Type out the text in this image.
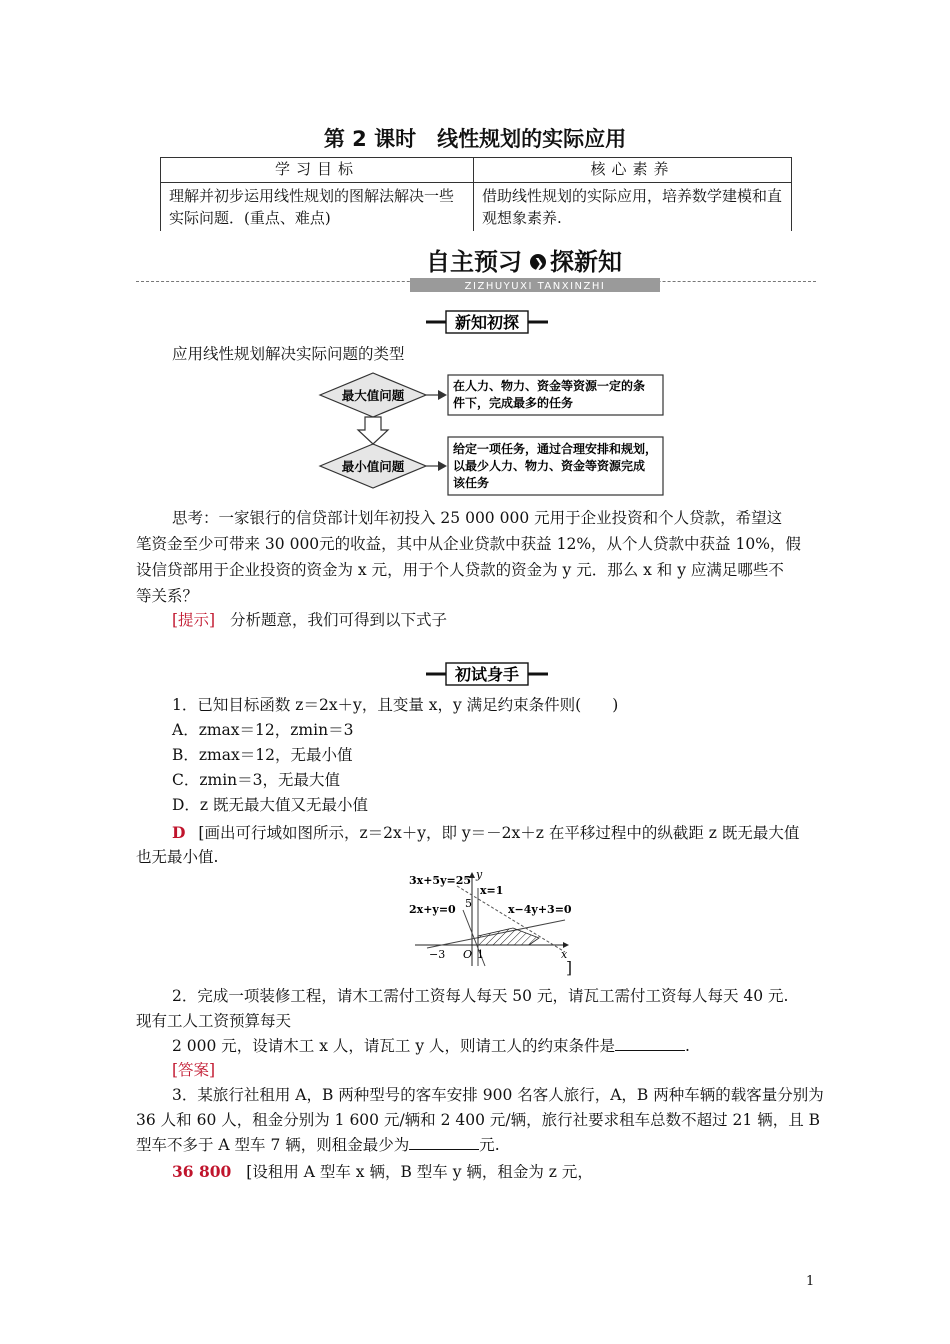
第 2 课时　线性规划的实际应用
学习目标	核心素养
理解并初步运用线性规划的图解法解决一些实际问题．(重点、难点)	借助线性规划的实际应用，培养数学建模和直观想象素养.
自主预习 ❯ 探新知
ZIZHUYUXI TANXINZHI
新知初探
应用线性规划解决实际问题的类型
最大值问题
最小值问题
在人力、物力、资金等资源一定的条
件下，完成最多的任务
给定一项任务，通过合理安排和规划，
以最少人力、物力、资金等资源完成
该任务
思考：一家银行的信贷部计划年初投入 25 000 000 元用于企业投资和个人贷款，希望这
笔资金至少可带来 30 000元的收益，其中从企业贷款中获益 12%，从个人贷款中获益 10%，假
设信贷部用于企业投资的资金为 x 元，用于个人贷款的资金为 y 元．那么 x 和 y 应满足哪些不
等关系？
[提示] 分析题意，我们可得到以下式子
初试身手
1．已知目标函数 z＝2x＋y，且变量 x，y 满足约束条件则(　　)
A．zmax＝12，zmin＝3
B．zmax＝12，无最小值
C．zmin＝3，无最大值
D．z 既无最大值又无最小值
D [画出可行域如图所示，z＝2x＋y，即 y＝－2x＋z 在平移过程中的纵截距 z 既无最大值
也无最小值.
3x+5y=25
x=1
2x+y=0	x−4y+3=0
y
x
5
−3 O 1
]
2．完成一项装修工程，请木工需付工资每人每天 50 元，请瓦工需付工资每人每天 40 元.
现有工人工资预算每天
2 000 元，设请木工 x 人，请瓦工 y 人，则请工人的约束条件是	.
[答案]
3．某旅行社租用 A，B 两种型号的客车安排 900 名客人旅行，A，B 两种车辆的载客量分别为
36 人和 60 人，租金分别为 1 600 元/辆和 2 400 元/辆，旅行社要求租车总数不超过 21 辆，且 B
型车不多于 A 型车 7 辆，则租金最少为	元.
36 800 [设租用 A 型车 x 辆，B 型车 y 辆，租金为 z 元，
1
